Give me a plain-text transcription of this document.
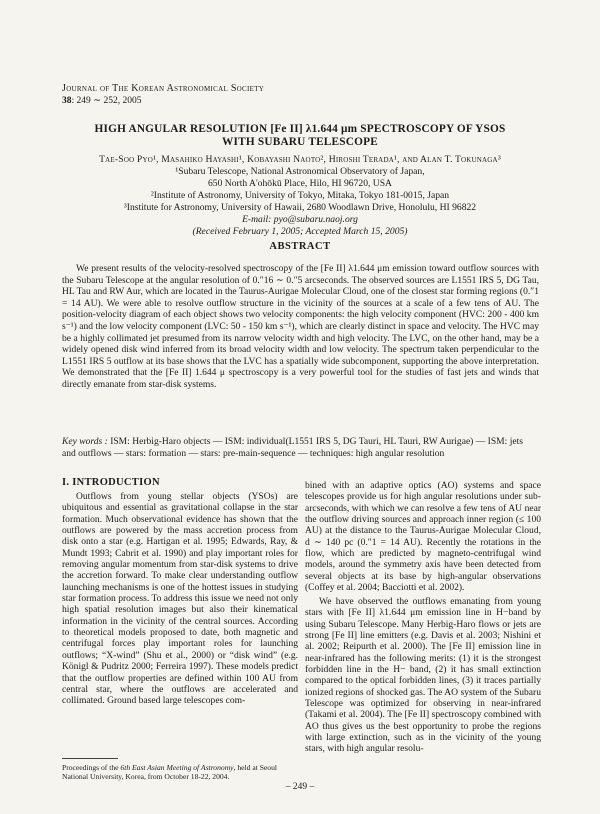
Journal of The Korean Astronomical Society
38: 249 ∼ 252, 2005
HIGH ANGULAR RESOLUTION [Fe II] λ1.644 μm SPECTROSCOPY OF YSOS
WITH SUBARU TELESCOPE
Tae-Soo Pyo¹, Masahiko Hayashi¹, Kobayashi Naoto², Hiroshi Terada¹, and Alan T. Tokunaga³
¹Subaru Telescope, National Astronomical Observatory of Japan,
650 North A'ohōkū Place, Hilo, HI 96720, USA
²Institute of Astronomy, University of Tokyo, Mitaka, Tokyo 181-0015, Japan
³Institute for Astronomy, University of Hawaii, 2680 Woodlawn Drive, Honolulu, HI 96822
E-mail: pyo@subaru.naoj.org
(Received February 1, 2005; Accepted March 15, 2005)
ABSTRACT

We present results of the velocity-resolved spectroscopy of the [Fe II] λ1.644 μm emission toward outflow sources with the Subaru Telescope at the angular resolution of 0.″16 ∼ 0.″5 arcseconds. The observed sources are L1551 IRS 5, DG Tau, HL Tau and RW Aur, which are located in the Taurus-Aurigae Molecular Cloud, one of the closest star forming regions (0.″1 = 14 AU). We were able to resolve outflow structure in the vicinity of the sources at a scale of a few tens of AU. The position-velocity diagram of each object shows two velocity components: the high velocity component (HVC: 200 - 400 km s⁻¹) and the low velocity component (LVC: 50 - 150 km s⁻¹), which are clearly distinct in space and velocity. The HVC may be a highly collimated jet presumed from its narrow velocity width and high velocity. The LVC, on the other hand, may be a widely opened disk wind inferred from its broad velocity width and low velocity. The spectrum taken perpendicular to the L1551 IRS 5 outflow at its base shows that the LVC has a spatially wide subcomponent, supporting the above interpretation. We demonstrated that the [Fe II] 1.644 μ spectroscopy is a very powerful tool for the studies of fast jets and winds that directly emanate from star-disk systems.

Key words : ISM: Herbig-Haro objects — ISM: individual(L1551 IRS 5, DG Tauri, HL Tauri, RW Aurigae) — ISM: jets and outflows — stars: formation — stars: pre-main-sequence — techniques: high angular resolution

I. INTRODUCTION

Outflows from young stellar objects (YSOs) are ubiquitous and essential as gravitational collapse in the star formation. Much observational evidence has shown that the outflows are powered by the mass accretion process from disk onto a star (e.g. Hartigan et al. 1995; Edwards, Ray, & Mundt 1993; Cabrit et al. 1990) and play important roles for removing angular momentum from star-disk systems to drive the accretion forward. To make clear understanding outflow launching mechanisms is one of the hottest issues in studying star formation process. To address this issue we need not only high spatial resolution images but also their kinematical information in the vicinity of the central sources. According to theoretical models proposed to date, both magnetic and centrifugal forces play important roles for launching outflows; “X-wind” (Shu et al., 2000) or “disk wind” (e.g. Königl & Pudritz 2000; Ferreira 1997). These models predict that the outflow properties are defined within 100 AU from central star, where the outflows are accelerated and collimated. Ground based large telescopes com-

bined with an adaptive optics (AO) systems and space telescopes provide us for high angular resolutions under sub-arcseconds, with which we can resolve a few tens of AU near the outflow driving sources and approach inner region (≤ 100 AU) at the distance to the Taurus-Aurigae Molecular Cloud, d ∼ 140 pc (0.″1 = 14 AU). Recently the rotations in the flow, which are predicted by magneto-centrifugal wind models, around the symmetry axis have been detected from several objects at its base by high-angular observations (Coffey et al. 2004; Bacciotti et al. 2002).

We have observed the outflows emanating from young stars with [Fe II] λ1.644 μm emission line in H−band by using Subaru Telescope. Many Herbig-Haro flows or jets are strong [Fe II] line emitters (e.g. Davis et al. 2003; Nishini et al. 2002; Reipurth et al. 2000). The [Fe II] emission line in near-infrared has the following merits: (1) it is the strongest forbidden line in the H− band, (2) it has small extinction compared to the optical forbidden lines, (3) it traces partially ionized regions of shocked gas. The AO system of the Subaru Telescope was optimized for observing in near-infrared (Takami et al. 2004). The [Fe II] spectroscopy combined with AO thus gives us the best opportunity to probe the regions with large extinction, such as in the vicinity of the young stars, with high angular resolu-

Proceedings of the 6th East Asian Meeting of Astronomy, held at Seoul National University, Korea, from October 18-22, 2004.

– 249 –
